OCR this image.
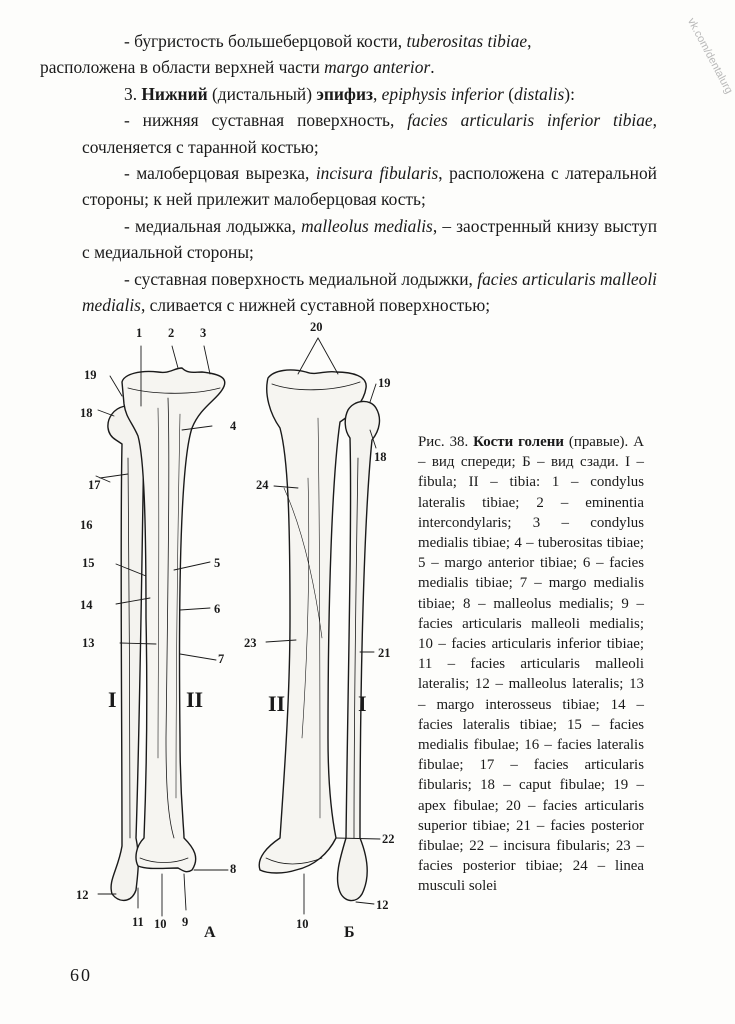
vk.com/dentalurg

- бугристость большеберцовой кости, tuberositas tibiae,
расположена в области верхней части margo anterior.

3. Нижний (дистальный) эпифиз, epiphysis inferior (distalis):

- нижняя суставная поверхность, facies articularis inferior tibiae, сочленяется с таранной костью;

- малоберцовая вырезка, incisura fibularis, расположена с латеральной стороны; к ней прилежит малоберцовая кость;

- медиальная лодыжка, malleolus medialis, – заостренный книзу выступ с медиальной стороны;

- суставная поверхность медиальной лодыжки, facies articularis malleoli medialis, сливается с нижней суставной поверхностью;

1 2 3
4
5
6
7
8
9
10
11
12
13
14
15
16
17
18
19
20
24
19
18
23
21
22
10
12
I	II	II	I
А	Б

Рис. 38. Кости голени (правые). А – вид спереди; Б – вид сзади. I – fibula; II – tibia: 1 – condylus lateralis tibiae; 2 – eminentia intercondylaris; 3 – condylus medialis tibiae; 4 – tuberositas tibiae; 5 – margo anterior tibiae; 6 – facies medialis tibiae; 7 – margo medialis tibiae; 8 – malleolus medialis; 9 – facies articularis malleoli medialis; 10 – facies articularis inferior tibiae; 11 – facies articularis malleoli lateralis; 12 – malleolus lateralis; 13 – margo interosseus tibiae; 14 – facies lateralis tibiae; 15 – facies medialis fibulae; 16 – facies lateralis fibulae; 17 – facies articularis fibularis; 18 – caput fibulae; 19 – apex fibulae; 20 – facies articularis superior tibiae; 21 – facies posterior fibulae; 22 – incisura fibularis; 23 – facies posterior tibiae; 24 – linea musculi solei

60
